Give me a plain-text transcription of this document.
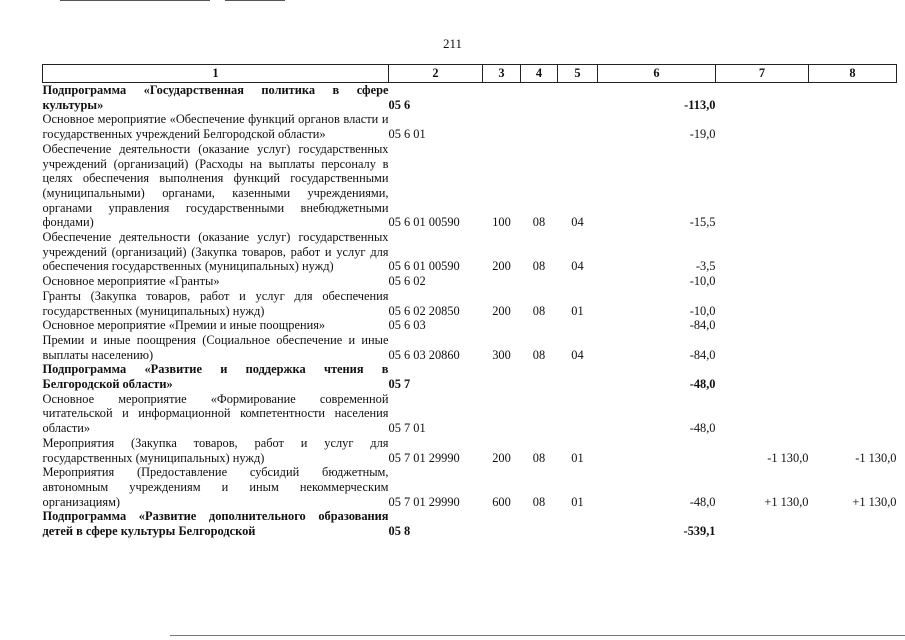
211
1	2	3	4	5	6	7	8
Подпрограмма «Государственная политика в сфере культуры»	05 6				-113,0		
Основное мероприятие «Обеспечение функций органов власти и государственных учреждений Белгородской области»	05 6 01				-19,0		
Обеспечение деятельности (оказание услуг) государственных учреждений (организаций) (Расходы на выплаты персоналу в целях обеспечения выполнения функций государственными (муниципальными) органами, казенными учреждениями, органами управления государственными внебюджетными фондами)	05 6 01 00590	100	08	04	-15,5		
Обеспечение деятельности (оказание услуг) государственных учреждений (организаций) (Закупка товаров, работ и услуг для обеспечения государственных (муниципальных) нужд)	05 6 01 00590	200	08	04	-3,5		
Основное мероприятие «Гранты»	05 6 02				-10,0		
Гранты (Закупка товаров, работ и услуг для обеспечения государственных (муниципальных) нужд)	05 6 02 20850	200	08	01	-10,0		
Основное мероприятие «Премии и иные поощрения»	05 6 03				-84,0		
Премии и иные поощрения (Социальное обеспечение и иные выплаты населению)	05 6 03 20860	300	08	04	-84,0		
Подпрограмма «Развитие и поддержка чтения в Белгородской области»	05 7				-48,0		
Основное мероприятие «Формирование современной читательской и информационной компетентности населения области»	05 7 01				-48,0		
Мероприятия (Закупка товаров, работ и услуг для государственных (муниципальных) нужд)	05 7 01 29990	200	08	01		-1 130,0	-1 130,0
Мероприятия (Предоставление субсидий бюджетным, автономным учреждениям и иным некоммерческим организациям)	05 7 01 29990	600	08	01	-48,0	+1 130,0	+1 130,0
Подпрограмма «Развитие дополнительного образования детей в сфере культуры Белгородской	05 8				-539,1		
